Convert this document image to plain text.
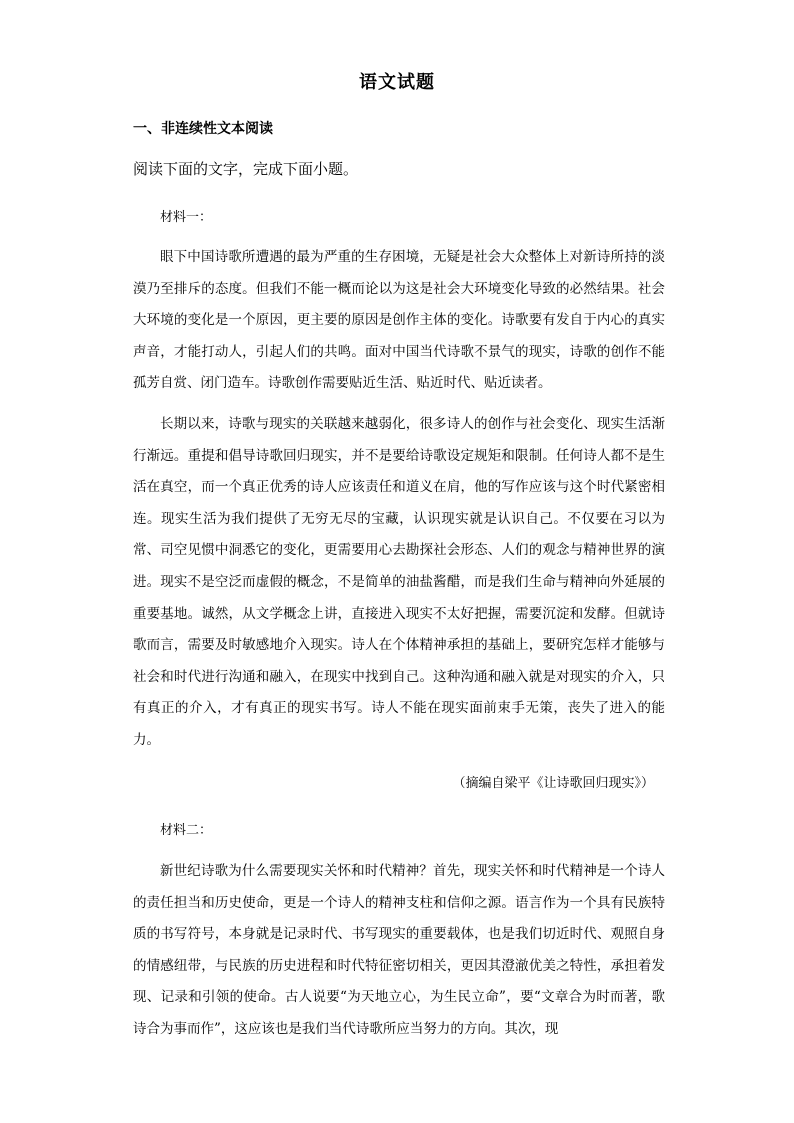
语文试题
一、非连续性文本阅读
阅读下面的文字，完成下面小题。
材料一：

眼下中国诗歌所遭遇的最为严重的生存困境，无疑是社会大众整体上对新诗所持的淡漠乃至排斥的态度。但我们不能一概而论以为这是社会大环境变化导致的必然结果。社会大环境的变化是一个原因，更主要的原因是创作主体的变化。诗歌要有发自于内心的真实声音，才能打动人，引起人们的共鸣。面对中国当代诗歌不景气的现实，诗歌的创作不能孤芳自赏、闭门造车。诗歌创作需要贴近生活、贴近时代、贴近读者。

长期以来，诗歌与现实的关联越来越弱化，很多诗人的创作与社会变化、现实生活渐行渐远。重提和倡导诗歌回归现实，并不是要给诗歌设定规矩和限制。任何诗人都不是生活在真空，而一个真正优秀的诗人应该责任和道义在肩，他的写作应该与这个时代紧密相连。现实生活为我们提供了无穷无尽的宝藏，认识现实就是认识自己。不仅要在习以为常、司空见惯中洞悉它的变化，更需要用心去勘探社会形态、人们的观念与精神世界的演进。现实不是空泛而虚假的概念，不是简单的油盐酱醋，而是我们生命与精神向外延展的重要基地。诚然，从文学概念上讲，直接进入现实不太好把握，需要沉淀和发酵。但就诗歌而言，需要及时敏感地介入现实。诗人在个体精神承担的基础上，要研究怎样才能够与社会和时代进行沟通和融入，在现实中找到自己。这种沟通和融入就是对现实的介入，只有真正的介入，才有真正的现实书写。诗人不能在现实面前束手无策，丧失了进入的能力。

（摘编自梁平《让诗歌回归现实》）
材料二：

新世纪诗歌为什么需要现实关怀和时代精神？首先，现实关怀和时代精神是一个诗人的责任担当和历史使命，更是一个诗人的精神支柱和信仰之源。语言作为一个具有民族特质的书写符号，本身就是记录时代、书写现实的重要载体，也是我们切近时代、观照自身的情感纽带，与民族的历史进程和时代特征密切相关，更因其澄澈优美之特性，承担着发现、记录和引领的使命。古人说要“为天地立心，为生民立命”，要“文章合为时而著，歌诗合为事而作”，这应该也是我们当代诗歌所应当努力的方向。其次，现
